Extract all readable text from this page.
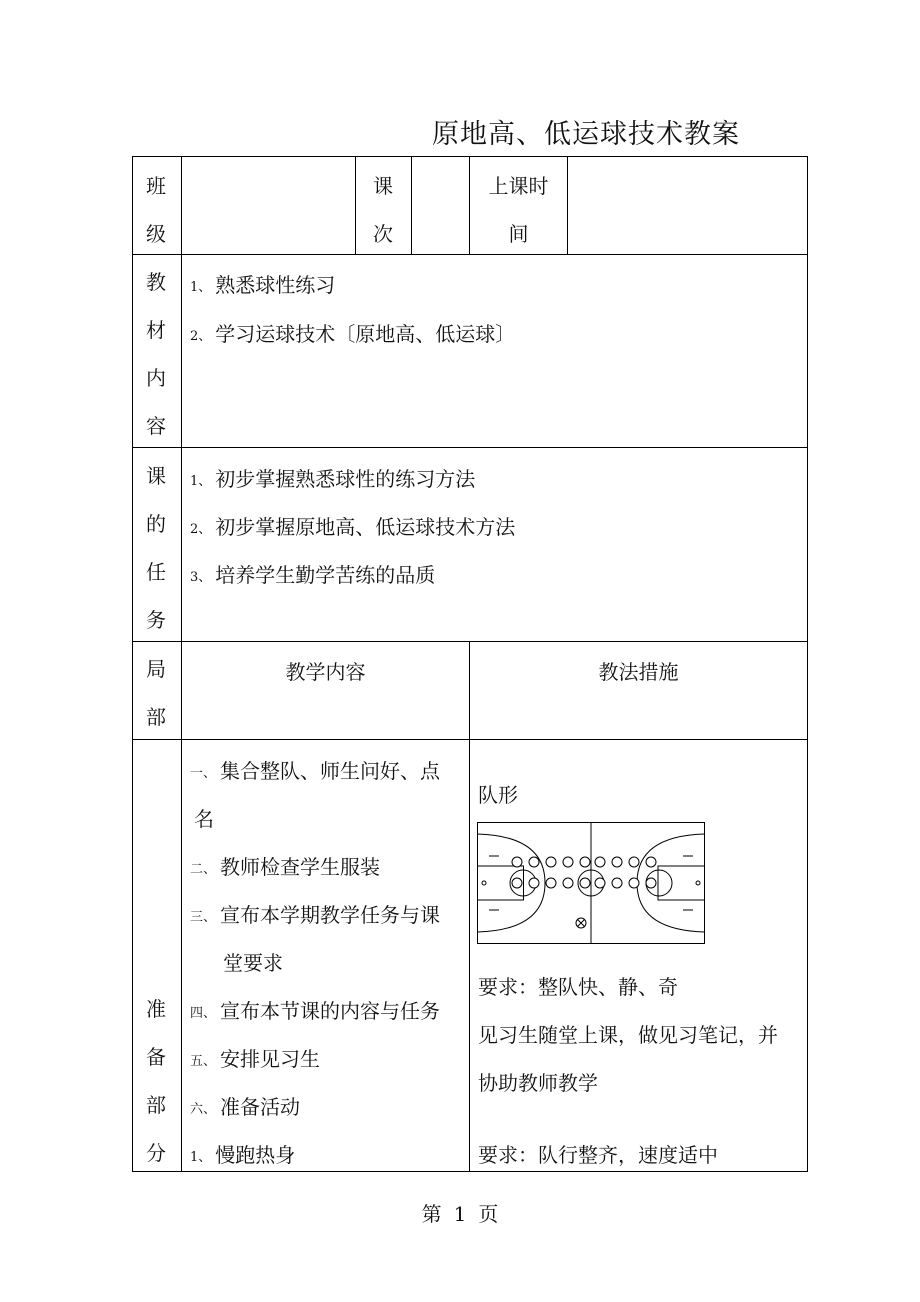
原地高、低运球技术教案
班
级
课
次
上课时
间
教
材
内
容
1、 熟悉球性练习
2、 学习运球技术〔原地高、低运球〕
课
的
任
务
1、 初步掌握熟悉球性的练习方法
2、 初步掌握原地高、低运球技术方法
3、 培养学生勤学苦练的品质
局
部
教学内容	教法措施
准
备
部
分
一、 集合整队、师生问好、点
名
二、 教师检查学生服装
三、 宣布本学期教学任务与课
堂要求
四、 宣布本节课的内容与任务
五、 安排见习生
六、 准备活动
1、 慢跑热身
队形
要求：整队快、静、奇
见习生随堂上课，做见习笔记，并
协助教师教学
要求：队行整齐，速度适中
第 1 页
